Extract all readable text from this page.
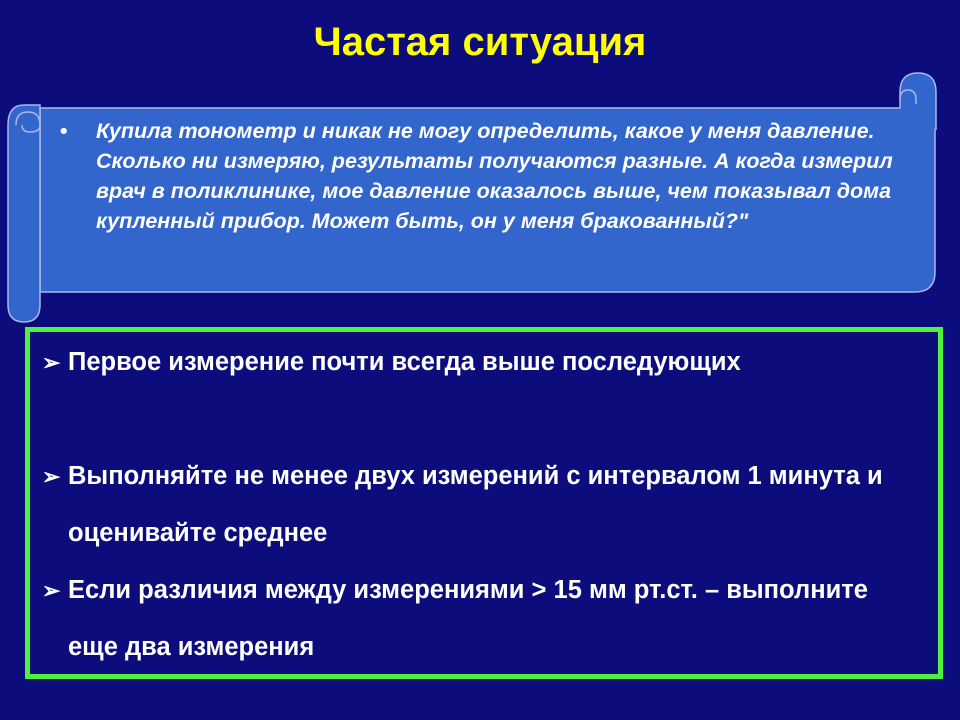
Частая ситуация
• Купила тонометр и никак не могу определить, какое у меня давление. Сколько ни измеряю, результаты получаются разные. А когда измерил врач в поликлинике, мое давление оказалось выше, чем показывал дома купленный прибор. Может быть, он у меня бракованный?"
➢ Первое измерение почти всегда выше последующих
➢ Выполняйте не менее двух измерений с интервалом 1 минута и оценивайте среднее
➢ Если различия между измерениями > 15 мм рт.ст. – выполните еще два измерения
